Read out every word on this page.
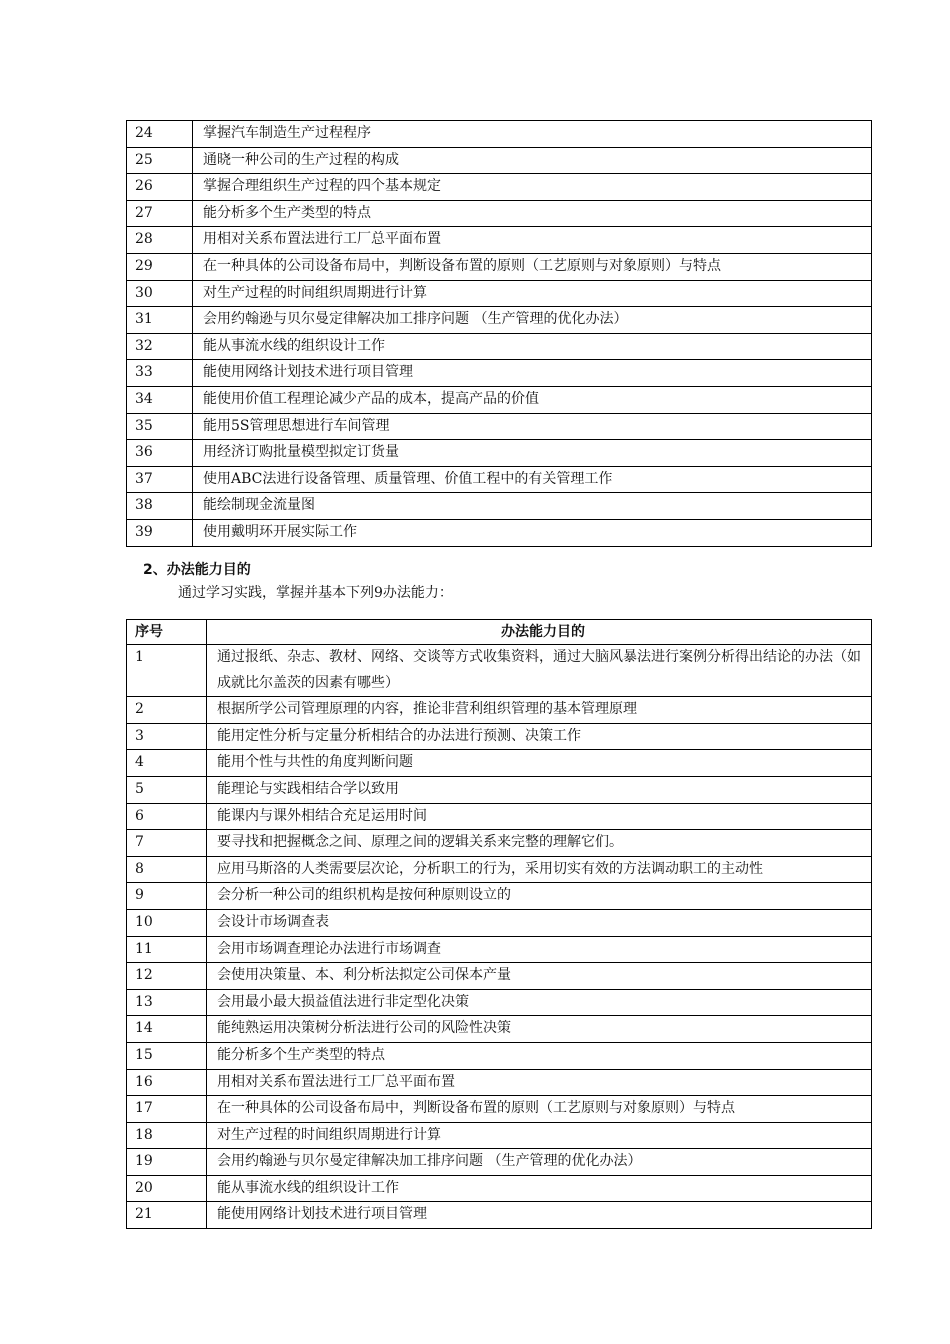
24	掌握汽车制造生产过程程序
25	通晓一种公司的生产过程的构成
26	掌握合理组织生产过程的四个基本规定
27	能分析多个生产类型的特点
28	用相对关系布置法进行工厂总平面布置
29	在一种具体的公司设备布局中，判断设备布置的原则（工艺原则与对象原则）与特点
30	对生产过程的时间组织周期进行计算
31	会用约翰逊与贝尔曼定律解决加工排序问题 （生产管理的优化办法）
32	能从事流水线的组织设计工作
33	能使用网络计划技术进行项目管理
34	能使用价值工程理论减少产品的成本，提高产品的价值
35	能用5S管理思想进行车间管理
36	用经济订购批量模型拟定订货量
37	使用ABC法进行设备管理、质量管理、价值工程中的有关管理工作
38	能绘制现金流量图
39	使用戴明环开展实际工作
2、办法能力目的
通过学习实践，掌握并基本下列9办法能力：
序号	办法能力目的
1	通过报纸、杂志、教材、网络、交谈等方式收集资料，通过大脑风暴法进行案例分析得出结论的办法（如成就比尔盖茨的因素有哪些）
2	根据所学公司管理原理的内容，推论非营利组织管理的基本管理原理
3	能用定性分析与定量分析相结合的办法进行预测、决策工作
4	能用个性与共性的角度判断问题
5	能理论与实践相结合学以致用
6	能课内与课外相结合充足运用时间
7	要寻找和把握概念之间、原理之间的逻辑关系来完整的理解它们。
8	应用马斯洛的人类需要层次论，分析职工的行为，采用切实有效的方法调动职工的主动性
9	会分析一种公司的组织机构是按何种原则设立的
10	会设计市场调查表
11	会用市场调查理论办法进行市场调查
12	会使用决策量、本、利分析法拟定公司保本产量
13	会用最小最大损益值法进行非定型化决策
14	能纯熟运用决策树分析法进行公司的风险性决策
15	能分析多个生产类型的特点
16	用相对关系布置法进行工厂总平面布置
17	在一种具体的公司设备布局中，判断设备布置的原则（工艺原则与对象原则）与特点
18	对生产过程的时间组织周期进行计算
19	会用约翰逊与贝尔曼定律解决加工排序问题 （生产管理的优化办法）
20	能从事流水线的组织设计工作
21	能使用网络计划技术进行项目管理
